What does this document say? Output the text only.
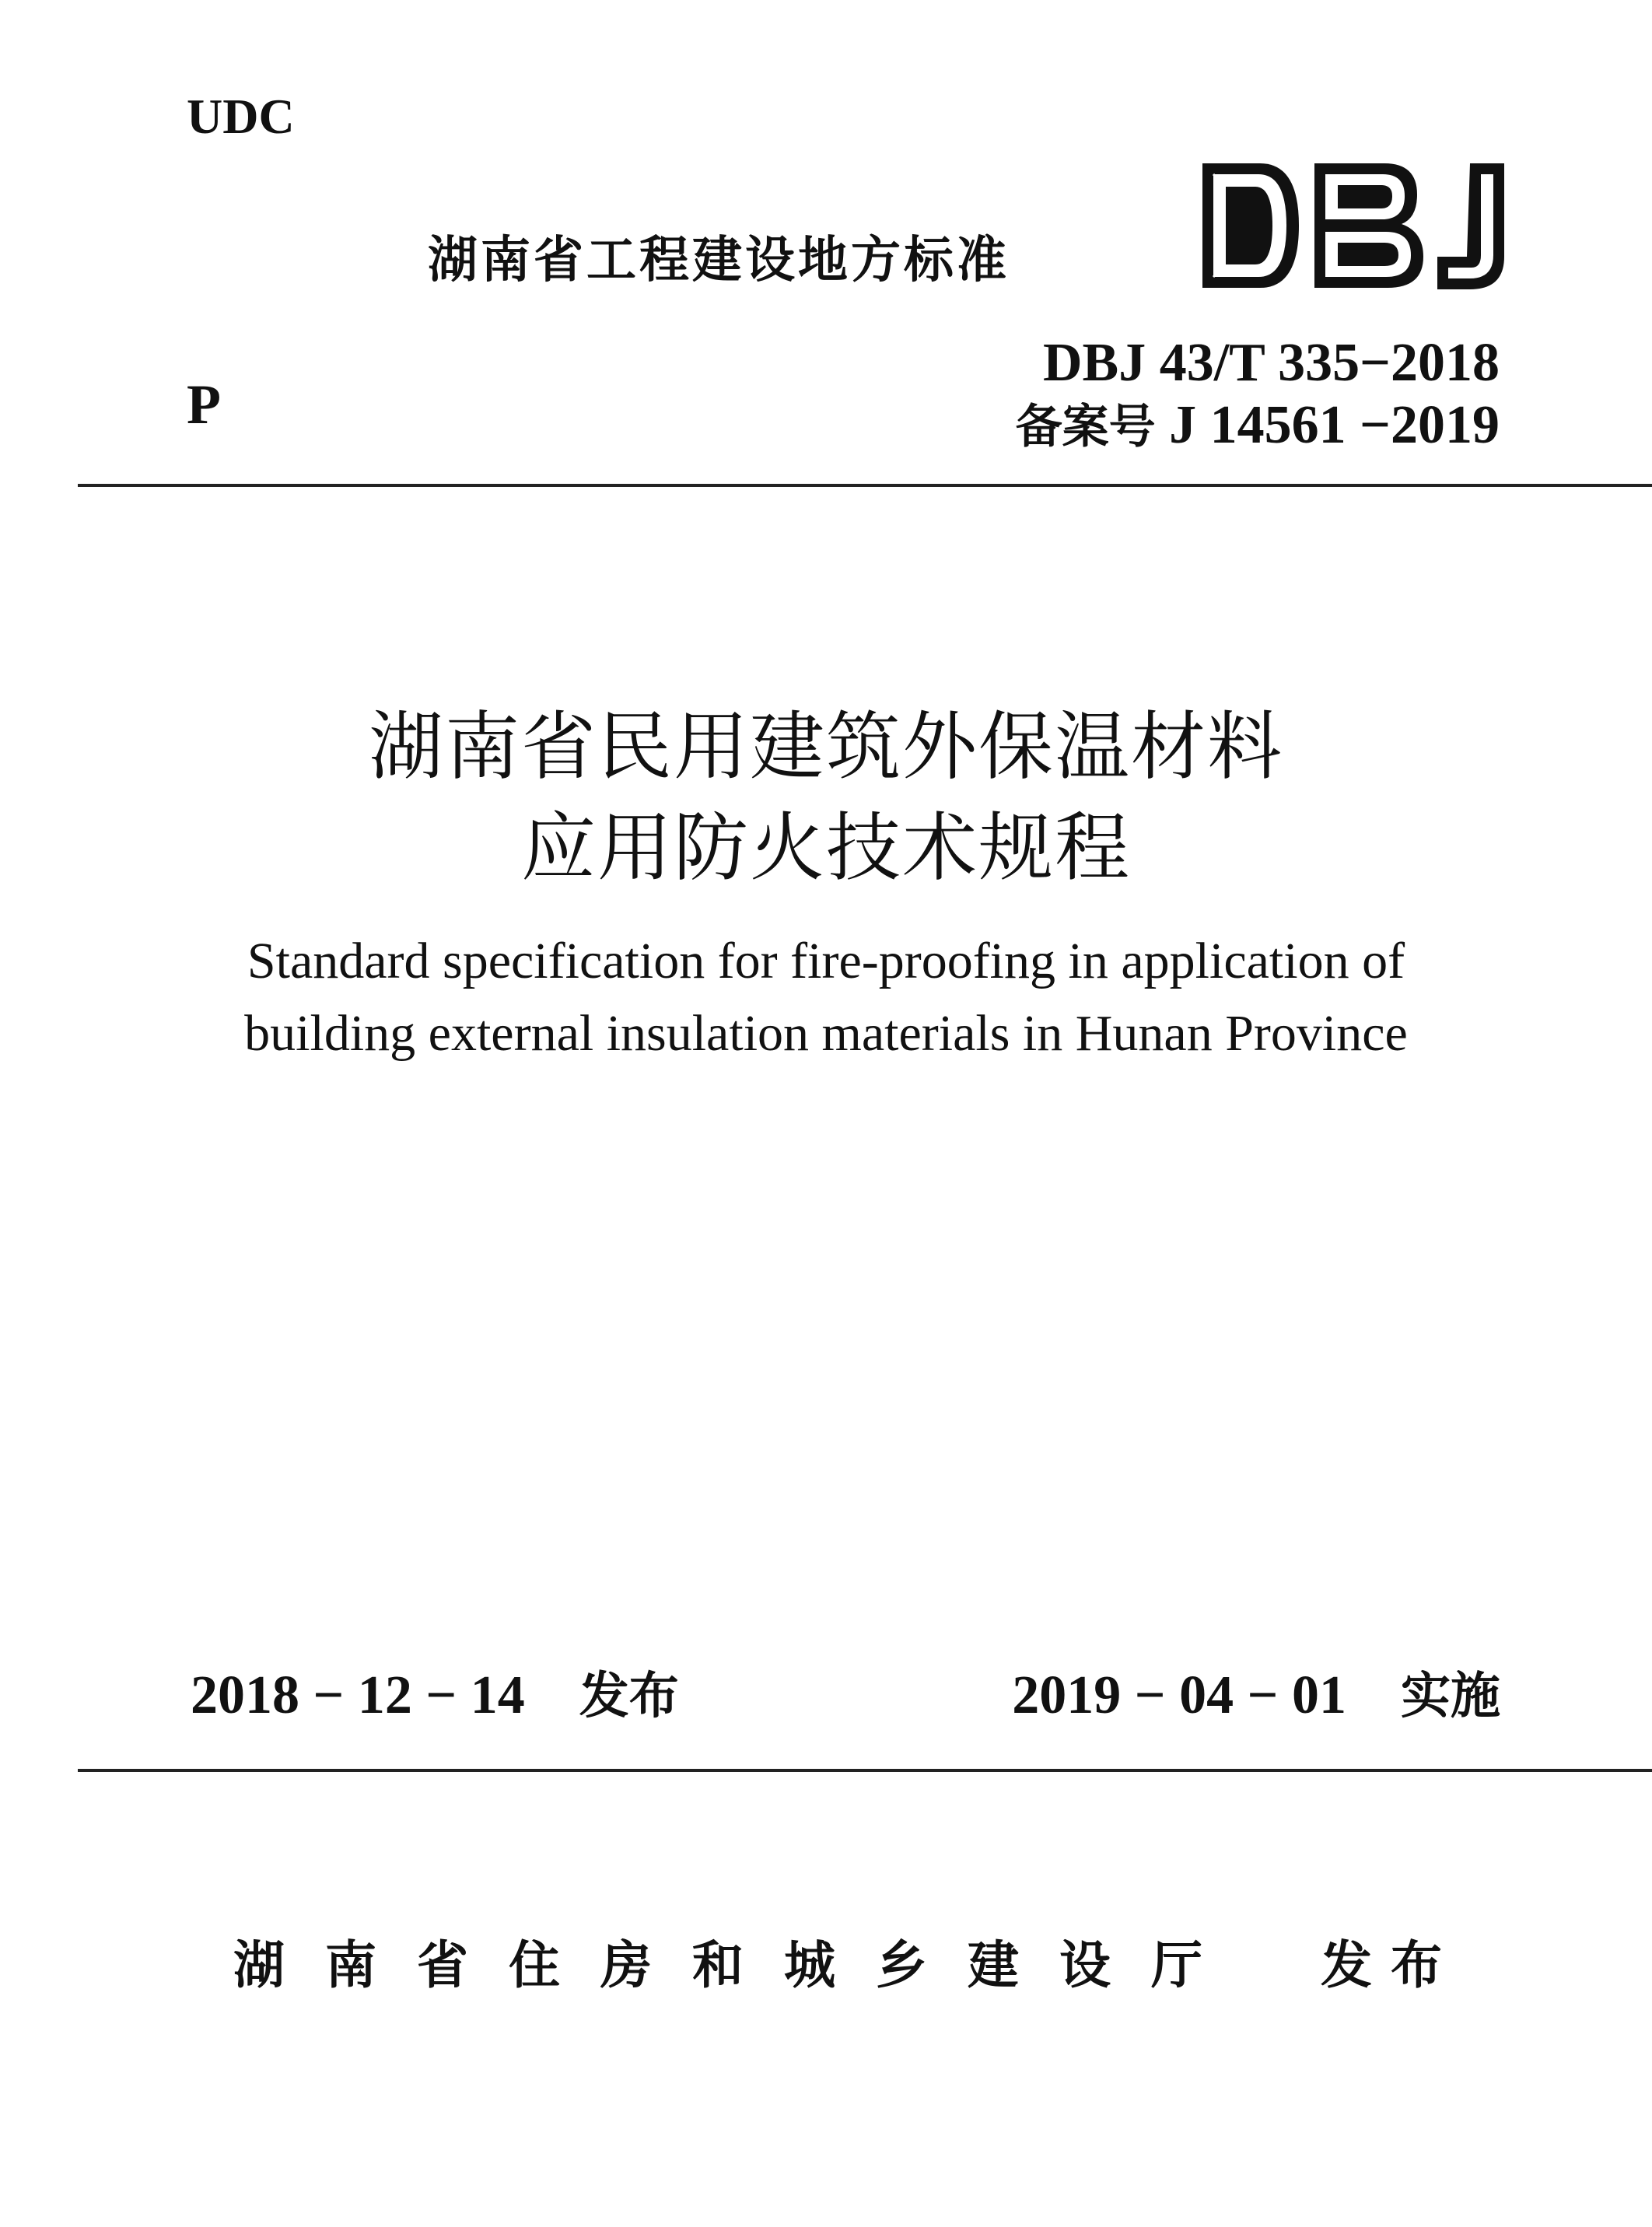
UDC
P
湖南省工程建设地方标准
DBJ 43/T 335−2018
备案号 J 14561 −2019
湖南省民用建筑外保温材料
应用防火技术规程
Standard specification for fire-proofing in application of
building external insulation materials in Hunan Province
2018 − 12 − 14 发布	2019 − 04 − 01 实施
湖南省住房和城乡建设厅 发布
